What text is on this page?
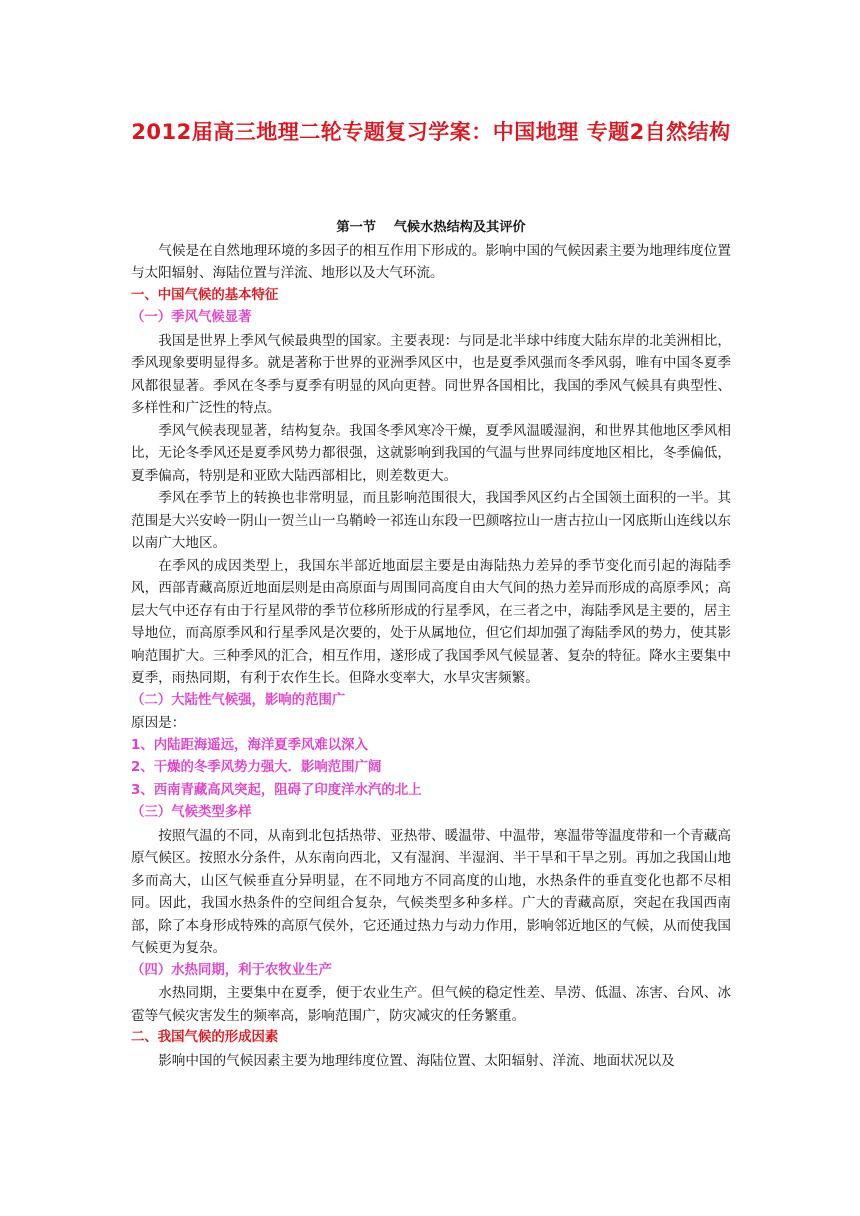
2012届高三地理二轮专题复习学案：中国地理 专题2自然结构
第一节　 气候水热结构及其评价

气候是在自然地理环境的多因子的相互作用下形成的。影响中国的气候因素主要为地理纬度位置与太阳辐射、海陆位置与洋流、地形以及大气环流。

一、中国气候的基本特征
（一）季风气候显著

我国是世界上季风气候最典型的国家。主要表现：与同是北半球中纬度大陆东岸的北美洲相比，季风现象要明显得多。就是著称于世界的亚洲季风区中，也是夏季风强而冬季风弱，唯有中国冬夏季风都很显著。季风在冬季与夏季有明显的风向更替。同世界各国相比，我国的季风气候具有典型性、多样性和广泛性的特点。

季风气候表现显著，结构复杂。我国冬季风寒冷干燥，夏季风温暖湿润，和世界其他地区季风相比，无论冬季风还是夏季风势力都很强，这就影响到我国的气温与世界同纬度地区相比，冬季偏低，夏季偏高，特别是和亚欧大陆西部相比，则差数更大。

季风在季节上的转换也非常明显，而且影响范围很大，我国季风区约占全国领土面积的一半。其范围是大兴安岭一阴山一贺兰山一乌鞘岭一祁连山东段一巴颜喀拉山一唐古拉山一冈底斯山连线以东以南广大地区。

在季风的成因类型上，我国东半部近地面层主要是由海陆热力差异的季节变化而引起的海陆季风，西部青藏高原近地面层则是由高原面与周围同高度自由大气间的热力差异而形成的高原季风；高层大气中还存有由于行星风带的季节位移所形成的行星季风，在三者之中，海陆季风是主要的，居主导地位，而高原季风和行星季风是次要的，处于从属地位，但它们却加强了海陆季风的势力，使其影响范围扩大。三种季风的汇合，相互作用，遂形成了我国季风气候显著、复杂的特征。降水主要集中夏季，雨热同期，有利于农作生长。但降水变率大，水旱灾害频繁。

（二）大陆性气候强，影响的范围广
原因是：
1、内陆距海遥远，海洋夏季风难以深入
2、干燥的冬季风势力强大．影响范围广阔
3、西南青藏高风突起，阻碍了印度洋水汽的北上
（三）气候类型多样

按照气温的不同，从南到北包括热带、亚热带、暖温带、中温带，寒温带等温度带和一个青藏高原气候区。按照水分条件，从东南向西北，又有湿润、半湿润、半干旱和干旱之别。再加之我国山地多而高大，山区气候垂直分异明显，在不同地方不同高度的山地，水热条件的垂直变化也都不尽相同。因此，我国水热条件的空间组合复杂，气候类型多种多样。广大的青藏高原，突起在我国西南部，除了本身形成特殊的高原气侯外，它还通过热力与动力作用，影响邻近地区的气候，从而使我国气候更为复杂。

（四）水热同期，利于农牧业生产

水热同期，主要集中在夏季，便于农业生产。但气候的稳定性差、旱涝、低温、冻害、台风、冰雹等气候灾害发生的频率高，影响范围广，防灾减灾的任务繁重。

二、我国气候的形成因素

影响中国的气候因素主要为地理纬度位置、海陆位置、太阳辐射、洋流、地面状况以及
